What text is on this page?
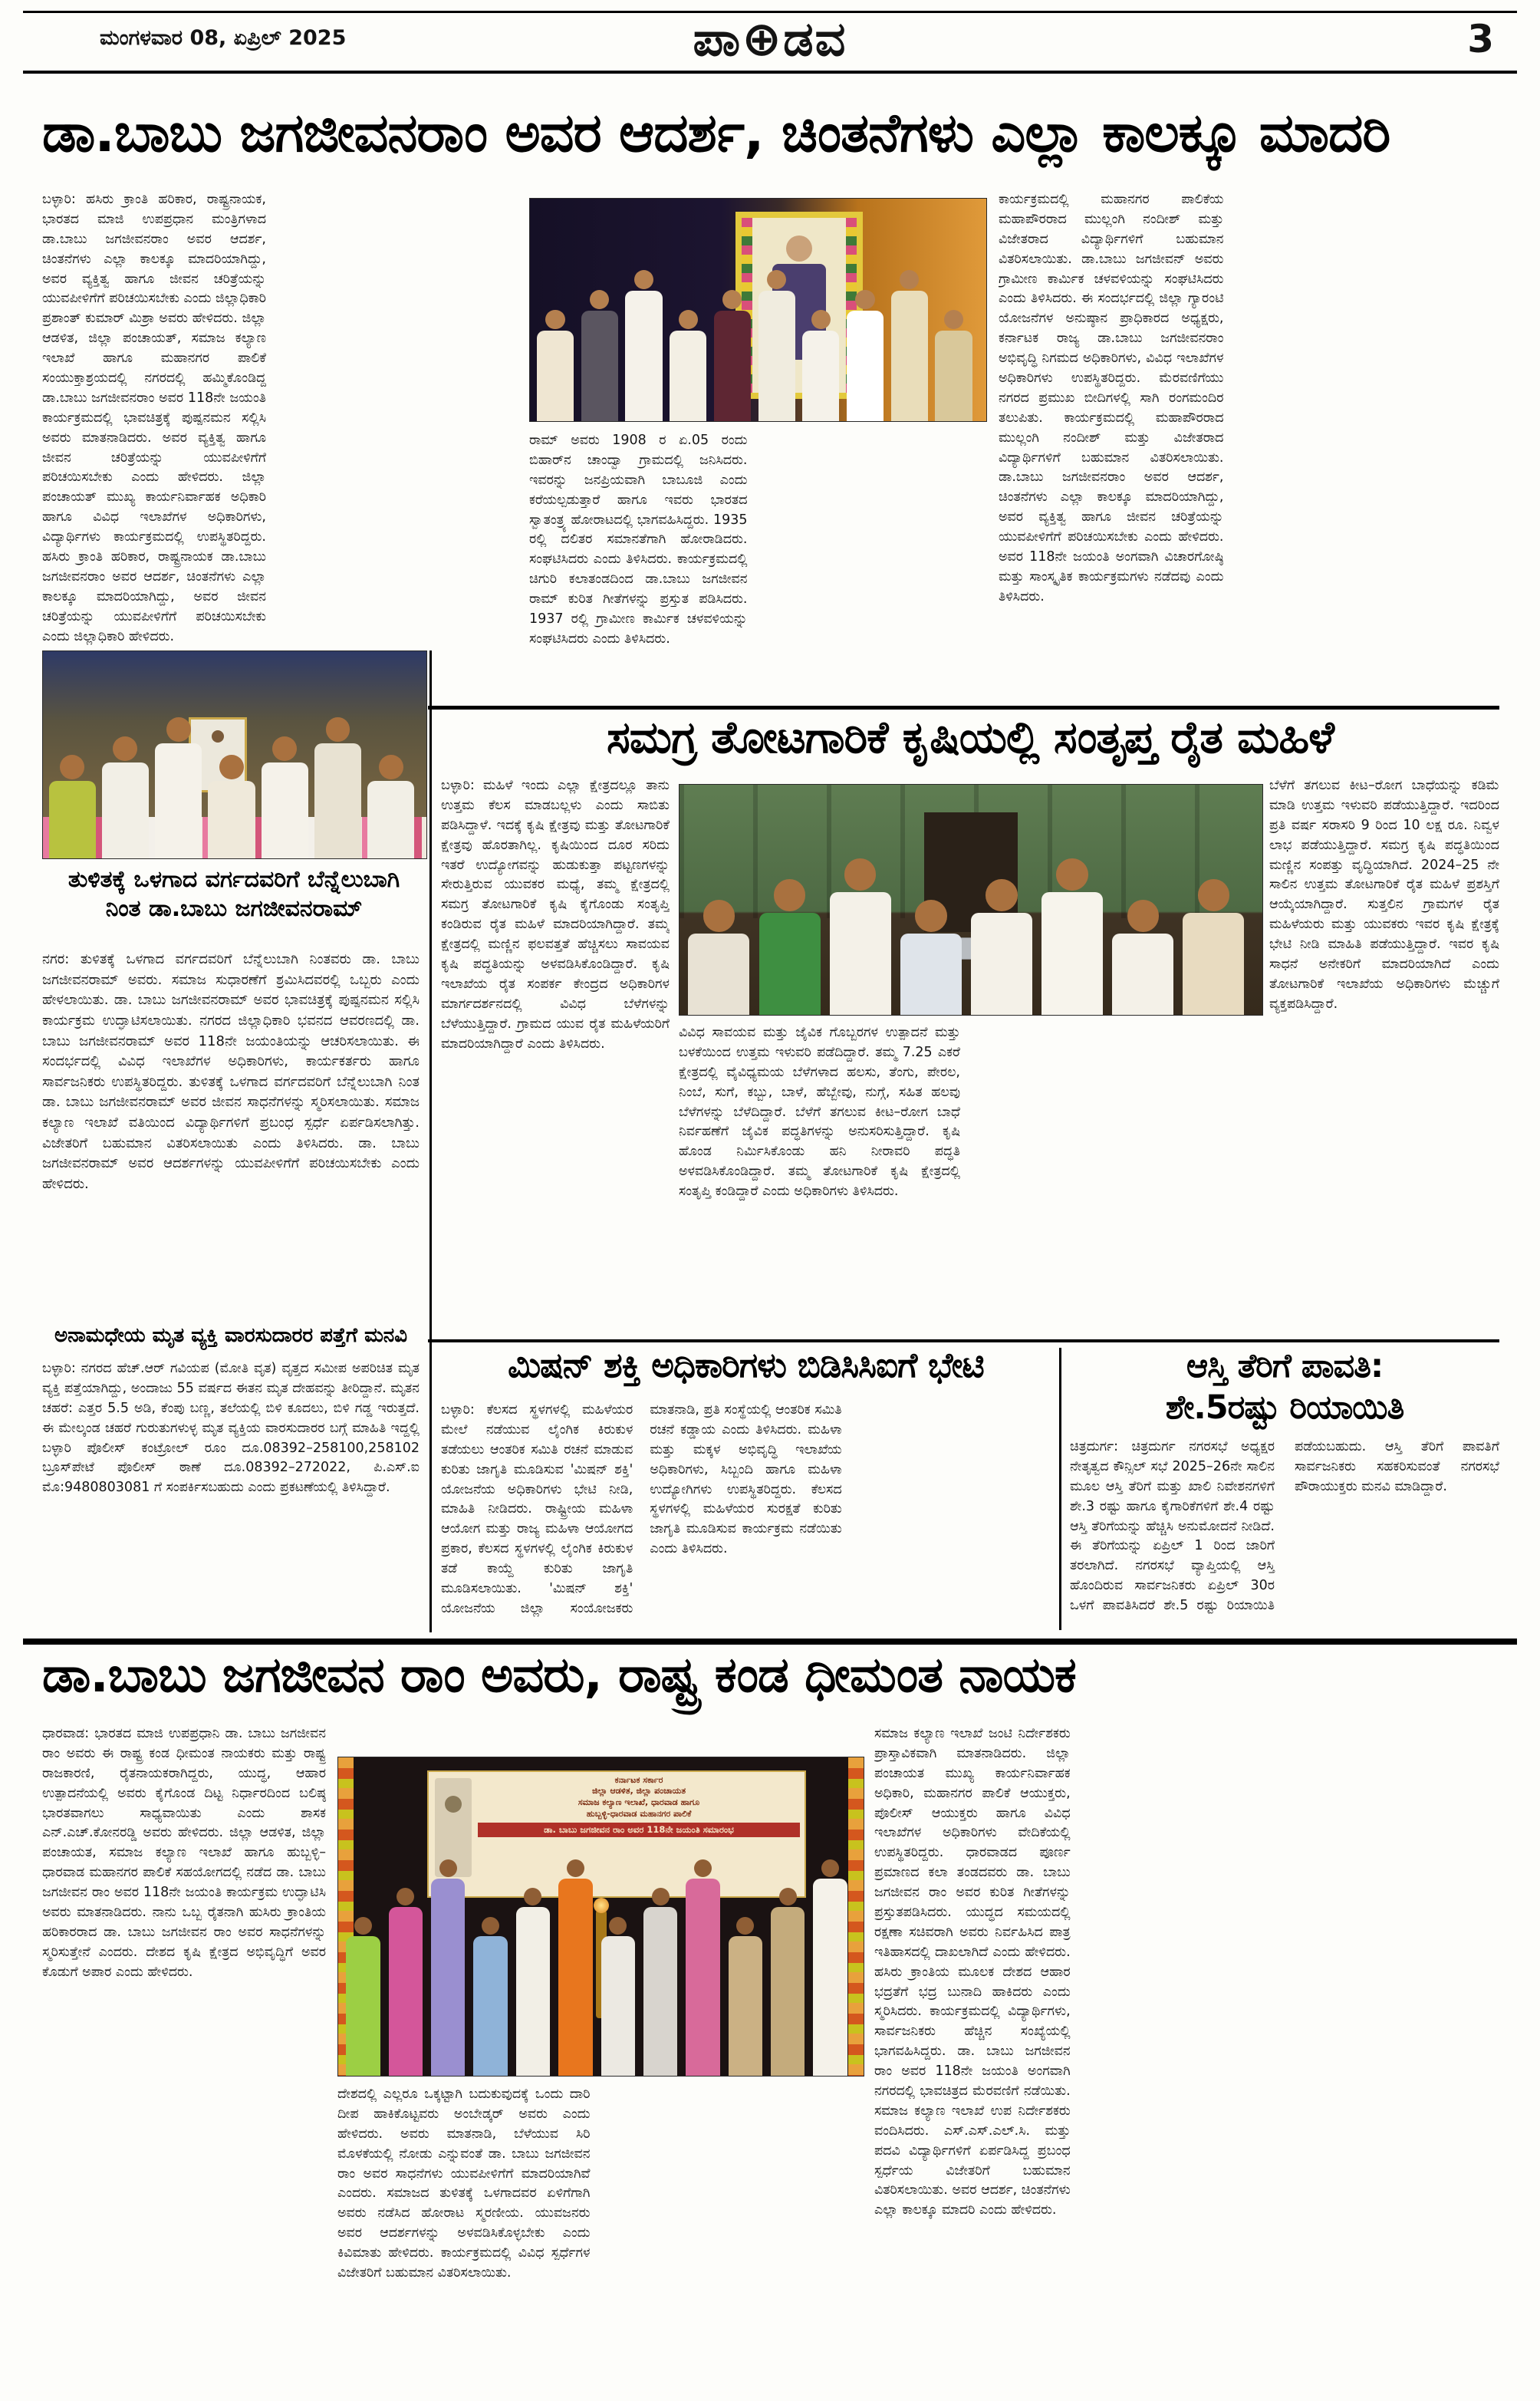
ಮಂಗಳವಾರ 08, ಏಪ್ರಿಲ್ 2025	ಪಾ⊕ಡವ	3
ಡಾ.ಬಾಬು ಜಗಜೀವನರಾಂ ಅವರ ಆದರ್ಶ, ಚಿಂತನೆಗಳು ಎಲ್ಲಾ ಕಾಲಕ್ಕೂ ಮಾದರಿ
ಬಳ್ಳಾರಿ: ಹಸಿರು ಕ್ರಾಂತಿ ಹರಿಕಾರ, ರಾಷ್ಟ್ರನಾಯಕ, ಭಾರತದ ಮಾಜಿ ಉಪಪ್ರಧಾನ ಮಂತ್ರಿಗಳಾದ ಡಾ.ಬಾಬು ಜಗಜೀವನರಾಂ ಅವರ ಆದರ್ಶ, ಚಿಂತನೆಗಳು ಎಲ್ಲಾ ಕಾಲಕ್ಕೂ ಮಾದರಿಯಾಗಿದ್ದು, ಅವರ ವ್ಯಕ್ತಿತ್ವ ಹಾಗೂ ಜೀವನ ಚರಿತ್ರೆಯನ್ನು ಯುವಪೀಳಿಗೆಗೆ ಪರಿಚಯಿಸಬೇಕು ಎಂದು ಜಿಲ್ಲಾಧಿಕಾರಿ ಪ್ರಶಾಂತ್ ಕುಮಾರ್ ಮಿಶ್ರಾ ಅವರು ಹೇಳಿದರು. ಜಿಲ್ಲಾ ಆಡಳಿತ, ಜಿಲ್ಲಾ ಪಂಚಾಯತ್, ಸಮಾಜ ಕಲ್ಯಾಣ ಇಲಾಖೆ ಹಾಗೂ ಮಹಾನಗರ ಪಾಲಿಕೆ ಸಂಯುಕ್ತಾಶ್ರಯದಲ್ಲಿ ನಗರದಲ್ಲಿ ಹಮ್ಮಿಕೊಂಡಿದ್ದ ಡಾ.ಬಾಬು ಜಗಜೀವನರಾಂ ಅವರ 118ನೇ ಜಯಂತಿ ಕಾರ್ಯಕ್ರಮದಲ್ಲಿ ಭಾವಚಿತ್ರಕ್ಕೆ ಪುಷ್ಪನಮನ ಸಲ್ಲಿಸಿ ಅವರು ಮಾತನಾಡಿದರು. ಅವರ ವ್ಯಕ್ತಿತ್ವ ಹಾಗೂ ಜೀವನ ಚರಿತ್ರೆಯನ್ನು ಯುವಪೀಳಿಗೆಗೆ ಪರಿಚಯಿಸಬೇಕು ಎಂದು ಹೇಳಿದರು. ಜಿಲ್ಲಾ ಪಂಚಾಯತ್ ಮುಖ್ಯ ಕಾರ್ಯನಿರ್ವಾಹಕ ಅಧಿಕಾರಿ ಹಾಗೂ ವಿವಿಧ ಇಲಾಖೆಗಳ ಅಧಿಕಾರಿಗಳು, ವಿದ್ಯಾರ್ಥಿಗಳು ಕಾರ್ಯಕ್ರಮದಲ್ಲಿ ಉಪಸ್ಥಿತರಿದ್ದರು. ಹಸಿರು ಕ್ರಾಂತಿ ಹರಿಕಾರ, ರಾಷ್ಟ್ರನಾಯಕ ಡಾ.ಬಾಬು ಜಗಜೀವನರಾಂ ಅವರ ಆದರ್ಶ, ಚಿಂತನೆಗಳು ಎಲ್ಲಾ ಕಾಲಕ್ಕೂ ಮಾದರಿಯಾಗಿದ್ದು, ಅವರ ಜೀವನ ಚರಿತ್ರೆಯನ್ನು ಯುವಪೀಳಿಗೆಗೆ ಪರಿಚಯಿಸಬೇಕು ಎಂದು ಜಿಲ್ಲಾಧಿಕಾರಿ ಹೇಳಿದರು.
ರಾಮ್ ಅವರು 1908 ರ ಏ.05 ರಂದು ಬಿಹಾರ್‌ನ ಚಾಂದ್ವಾ ಗ್ರಾಮದಲ್ಲಿ ಜನಿಸಿದರು. ಇವರನ್ನು ಜನಪ್ರಿಯವಾಗಿ ಬಾಬೂಜಿ ಎಂದು ಕರೆಯಲ್ಪಡುತ್ತಾರೆ ಹಾಗೂ ಇವರು ಭಾರತದ ಸ್ವಾತಂತ್ರ್ಯ ಹೋರಾಟದಲ್ಲಿ ಭಾಗವಹಿಸಿದ್ದರು. 1935 ರಲ್ಲಿ ದಲಿತರ ಸಮಾನತೆಗಾಗಿ ಹೋರಾಡಿದರು. ಸಂಘಟಿಸಿದರು ಎಂದು ತಿಳಿಸಿದರು. ಕಾರ್ಯಕ್ರಮದಲ್ಲಿ ಚಿಗುರಿ ಕಲಾತಂಡದಿಂದ ಡಾ.ಬಾಬು ಜಗಜೀವನ ರಾಮ್ ಕುರಿತ ಗೀತೆಗಳನ್ನು ಪ್ರಸ್ತುತ ಪಡಿಸಿದರು. 1937 ರಲ್ಲಿ ಗ್ರಾಮೀಣ ಕಾರ್ಮಿಕ ಚಳವಳಿಯನ್ನು ಸಂಘಟಿಸಿದರು ಎಂದು ತಿಳಿಸಿದರು.
ಕಾರ್ಯಕ್ರಮದಲ್ಲಿ ಮಹಾನಗರ ಪಾಲಿಕೆಯ ಮಹಾಪೌರರಾದ ಮುಲ್ಲಂಗಿ ನಂದೀಶ್ ಮತ್ತು ವಿಜೇತರಾದ ವಿದ್ಯಾರ್ಥಿಗಳಿಗೆ ಬಹುಮಾನ ವಿತರಿಸಲಾಯಿತು. ಡಾ.ಬಾಬು ಜಗಜೀವನ್ ಅವರು ಗ್ರಾಮೀಣ ಕಾರ್ಮಿಕ ಚಳವಳಿಯನ್ನು ಸಂಘಟಿಸಿದರು ಎಂದು ತಿಳಿಸಿದರು. ಈ ಸಂದರ್ಭದಲ್ಲಿ ಜಿಲ್ಲಾ ಗ್ಯಾರಂಟಿ ಯೋಜನೆಗಳ ಅನುಷ್ಠಾನ ಪ್ರಾಧಿಕಾರದ ಅಧ್ಯಕ್ಷರು, ಕರ್ನಾಟಕ ರಾಜ್ಯ ಡಾ.ಬಾಬು ಜಗಜೀವನರಾಂ ಅಭಿವೃದ್ಧಿ ನಿಗಮದ ಅಧಿಕಾರಿಗಳು, ವಿವಿಧ ಇಲಾಖೆಗಳ ಅಧಿಕಾರಿಗಳು ಉಪಸ್ಥಿತರಿದ್ದರು. ಮೆರವಣಿಗೆಯು ನಗರದ ಪ್ರಮುಖ ಬೀದಿಗಳಲ್ಲಿ ಸಾಗಿ ರಂಗಮಂದಿರ ತಲುಪಿತು. ಕಾರ್ಯಕ್ರಮದಲ್ಲಿ ಮಹಾಪೌರರಾದ ಮುಲ್ಲಂಗಿ ನಂದೀಶ್ ಮತ್ತು ವಿಜೇತರಾದ ವಿದ್ಯಾರ್ಥಿಗಳಿಗೆ ಬಹುಮಾನ ವಿತರಿಸಲಾಯಿತು. ಡಾ.ಬಾಬು ಜಗಜೀವನರಾಂ ಅವರ ಆದರ್ಶ, ಚಿಂತನೆಗಳು ಎಲ್ಲಾ ಕಾಲಕ್ಕೂ ಮಾದರಿಯಾಗಿದ್ದು, ಅವರ ವ್ಯಕ್ತಿತ್ವ ಹಾಗೂ ಜೀವನ ಚರಿತ್ರೆಯನ್ನು ಯುವಪೀಳಿಗೆಗೆ ಪರಿಚಯಿಸಬೇಕು ಎಂದು ಹೇಳಿದರು. ಅವರ 118ನೇ ಜಯಂತಿ ಅಂಗವಾಗಿ ವಿಚಾರಗೋಷ್ಠಿ ಮತ್ತು ಸಾಂಸ್ಕೃತಿಕ ಕಾರ್ಯಕ್ರಮಗಳು ನಡೆದವು ಎಂದು ತಿಳಿಸಿದರು.
ತುಳಿತಕ್ಕೆ ಒಳಗಾದ ವರ್ಗದವರಿಗೆ ಬೆನ್ನೆಲುಬಾಗಿ
ನಿಂತ ಡಾ.ಬಾಬು ಜಗಜೀವನರಾಮ್
ನಗರ: ತುಳಿತಕ್ಕೆ ಒಳಗಾದ ವರ್ಗದವರಿಗೆ ಬೆನ್ನೆಲುಬಾಗಿ ನಿಂತವರು ಡಾ. ಬಾಬು ಜಗಜೀವನರಾಮ್ ಅವರು. ಸಮಾಜ ಸುಧಾರಣೆಗೆ ಶ್ರಮಿಸಿದವರಲ್ಲಿ ಒಬ್ಬರು ಎಂದು ಹೇಳಲಾಯಿತು. ಡಾ. ಬಾಬು ಜಗಜೀವನರಾಮ್ ಅವರ ಭಾವಚಿತ್ರಕ್ಕೆ ಪುಷ್ಪನಮನ ಸಲ್ಲಿಸಿ ಕಾರ್ಯಕ್ರಮ ಉದ್ಘಾಟಿಸಲಾಯಿತು. ನಗರದ ಜಿಲ್ಲಾಧಿಕಾರಿ ಭವನದ ಆವರಣದಲ್ಲಿ ಡಾ. ಬಾಬು ಜಗಜೀವನರಾಮ್ ಅವರ 118ನೇ ಜಯಂತಿಯನ್ನು ಆಚರಿಸಲಾಯಿತು. ಈ ಸಂದರ್ಭದಲ್ಲಿ ವಿವಿಧ ಇಲಾಖೆಗಳ ಅಧಿಕಾರಿಗಳು, ಕಾರ್ಯಕರ್ತರು ಹಾಗೂ ಸಾರ್ವಜನಿಕರು ಉಪಸ್ಥಿತರಿದ್ದರು. ತುಳಿತಕ್ಕೆ ಒಳಗಾದ ವರ್ಗದವರಿಗೆ ಬೆನ್ನೆಲುಬಾಗಿ ನಿಂತ ಡಾ. ಬಾಬು ಜಗಜೀವನರಾಮ್ ಅವರ ಜೀವನ ಸಾಧನೆಗಳನ್ನು ಸ್ಮರಿಸಲಾಯಿತು. ಸಮಾಜ ಕಲ್ಯಾಣ ಇಲಾಖೆ ವತಿಯಿಂದ ವಿದ್ಯಾರ್ಥಿಗಳಿಗೆ ಪ್ರಬಂಧ ಸ್ಪರ್ಧೆ ಏರ್ಪಡಿಸಲಾಗಿತ್ತು. ವಿಜೇತರಿಗೆ ಬಹುಮಾನ ವಿತರಿಸಲಾಯಿತು ಎಂದು ತಿಳಿಸಿದರು. ಡಾ. ಬಾಬು ಜಗಜೀವನರಾಮ್ ಅವರ ಆದರ್ಶಗಳನ್ನು ಯುವಪೀಳಿಗೆಗೆ ಪರಿಚಯಿಸಬೇಕು ಎಂದು ಹೇಳಿದರು.
ಅನಾಮಧೇಯ ಮೃತ ವ್ಯಕ್ತಿ ವಾರಸುದಾರರ ಪತ್ತೆಗೆ ಮನವಿ
ಬಳ್ಳಾರಿ: ನಗರದ ಹೆಚ್.ಆರ್ ಗವಿಯಪ (ಮೋತಿ ವೃತ) ವೃತ್ತದ ಸಮೀಪ ಅಪರಿಚಿತ ಮೃತ ವ್ಯಕ್ತಿ ಪತ್ತೆಯಾಗಿದ್ದು, ಅಂದಾಜು 55 ವರ್ಷದ ಈತನ ಮೃತ ದೇಹವನ್ನು ತೀರಿದ್ದಾನೆ. ಮೃತನ ಚಹರೆ: ಎತ್ತರ 5.5 ಅಡಿ, ಕೆಂಪು ಬಣ್ಣ, ತಲೆಯಲ್ಲಿ ಬಿಳಿ ಕೂದಲು, ಬಿಳಿ ಗಡ್ಡ ಇರುತ್ತದೆ. ಈ ಮೇಲ್ಕಂಡ ಚಹರೆ ಗುರುತುಗಳುಳ್ಳ ಮೃತ ವ್ಯಕ್ತಿಯ ವಾರಸುದಾರರ ಬಗ್ಗೆ ಮಾಹಿತಿ ಇದ್ದಲ್ಲಿ ಬಳ್ಳಾರಿ ಪೊಲೀಸ್ ಕಂಟ್ರೋಲ್ ರೂಂ ದೂ.08392–258100,258102 ಬ್ರೂಸ್‌ಪೇಟೆ ಪೊಲೀಸ್ ಠಾಣೆ ದೂ.08392–272022, ಪಿ.ಎಸ್.ಐ ಮೊ:9480803081 ಗೆ ಸಂಪರ್ಕಿಸಬಹುದು ಎಂದು ಪ್ರಕಟಣೆಯಲ್ಲಿ ತಿಳಿಸಿದ್ದಾರೆ.
ಸಮಗ್ರ ತೋಟಗಾರಿಕೆ ಕೃಷಿಯಲ್ಲಿ ಸಂತೃಪ್ತ ರೈತ ಮಹಿಳೆ
ಬಳ್ಳಾರಿ: ಮಹಿಳೆ ಇಂದು ಎಲ್ಲಾ ಕ್ಷೇತ್ರದಲ್ಲೂ ತಾನು ಉತ್ತಮ ಕೆಲಸ ಮಾಡಬಲ್ಲಳು ಎಂದು ಸಾಬಿತು ಪಡಿಸಿದ್ದಾಳೆ. ಇದಕ್ಕೆ ಕೃಷಿ ಕ್ಷೇತ್ರವು ಮತ್ತು ತೋಟಗಾರಿಕೆ ಕ್ಷೇತ್ರವು ಹೊರತಾಗಿಲ್ಲ. ಕೃಷಿಯಿಂದ ದೂರ ಸರಿದು ಇತರೆ ಉದ್ಯೋಗವನ್ನು ಹುಡುಕುತ್ತಾ ಪಟ್ಟಣಗಳನ್ನು ಸೇರುತ್ತಿರುವ ಯುವಕರ ಮಧ್ಯೆ, ತಮ್ಮ ಕ್ಷೇತ್ರದಲ್ಲಿ ಸಮಗ್ರ ತೋಟಗಾರಿಕೆ ಕೃಷಿ ಕೈಗೊಂಡು ಸಂತೃಪ್ತಿ ಕಂಡಿರುವ ರೈತ ಮಹಿಳೆ ಮಾದರಿಯಾಗಿದ್ದಾರೆ. ತಮ್ಮ ಕ್ಷೇತ್ರದಲ್ಲಿ ಮಣ್ಣಿನ ಫಲವತ್ತತೆ ಹೆಚ್ಚಿಸಲು ಸಾವಯವ ಕೃಷಿ ಪದ್ಧತಿಯನ್ನು ಅಳವಡಿಸಿಕೊಂಡಿದ್ದಾರೆ. ಕೃಷಿ ಇಲಾಖೆಯ ರೈತ ಸಂಪರ್ಕ ಕೇಂದ್ರದ ಅಧಿಕಾರಿಗಳ ಮಾರ್ಗದರ್ಶನದಲ್ಲಿ ವಿವಿಧ ಬೆಳೆಗಳನ್ನು ಬೆಳೆಯುತ್ತಿದ್ದಾರೆ. ಗ್ರಾಮದ ಯುವ ರೈತ ಮಹಿಳೆಯರಿಗೆ ಮಾದರಿಯಾಗಿದ್ದಾರೆ ಎಂದು ತಿಳಿಸಿದರು.
ವಿವಿಧ ಸಾವಯವ ಮತ್ತು ಜೈವಿಕ ಗೊಬ್ಬರಗಳ ಉತ್ಪಾದನೆ ಮತ್ತು ಬಳಕೆಯಿಂದ ಉತ್ತಮ ಇಳುವರಿ ಪಡೆದಿದ್ದಾರೆ. ತಮ್ಮ 7.25 ಎಕರೆ ಕ್ಷೇತ್ರದಲ್ಲಿ ವೈವಿಧ್ಯಮಯ ಬೆಳೆಗಳಾದ ಹಲಸು, ತೆಂಗು, ಪೇರಲ, ನಿಂಬೆ, ಸುಗೆ, ಕಬ್ಬು, ಬಾಳೆ, ಹೆಬ್ಬೇವು, ನುಗ್ಗೆ, ಸಹಿತ ಹಲವು ಬೆಳೆಗಳನ್ನು ಬೆಳೆದಿದ್ದಾರೆ. ಬೆಳೆಗೆ ತಗಲುವ ಕೀಟ–ರೋಗ ಬಾಧೆ ನಿರ್ವಹಣೆಗೆ ಜೈವಿಕ ಪದ್ಧತಿಗಳನ್ನು ಅನುಸರಿಸುತ್ತಿದ್ದಾರೆ. ಕೃಷಿ ಹೊಂಡ ನಿರ್ಮಿಸಿಕೊಂಡು ಹನಿ ನೀರಾವರಿ ಪದ್ಧತಿ ಅಳವಡಿಸಿಕೊಂಡಿದ್ದಾರೆ. ತಮ್ಮ ತೋಟಗಾರಿಕೆ ಕೃಷಿ ಕ್ಷೇತ್ರದಲ್ಲಿ ಸಂತೃಪ್ತಿ ಕಂಡಿದ್ದಾರೆ ಎಂದು ಅಧಿಕಾರಿಗಳು ತಿಳಿಸಿದರು.
ಬೆಳೆಗೆ ತಗಲುವ ಕೀಟ–ರೋಗ ಬಾಧೆಯನ್ನು ಕಡಿಮೆ ಮಾಡಿ ಉತ್ತಮ ಇಳುವರಿ ಪಡೆಯುತ್ತಿದ್ದಾರೆ. ಇದರಿಂದ ಪ್ರತಿ ವರ್ಷ ಸರಾಸರಿ 9 ರಿಂದ 10 ಲಕ್ಷ ರೂ. ನಿವ್ವಳ ಲಾಭ ಪಡೆಯುತ್ತಿದ್ದಾರೆ. ಸಮಗ್ರ ಕೃಷಿ ಪದ್ಧತಿಯಿಂದ ಮಣ್ಣಿನ ಸಂಪತ್ತು ವೃದ್ಧಿಯಾಗಿದೆ. 2024–25 ನೇ ಸಾಲಿನ ಉತ್ತಮ ತೋಟಗಾರಿಕೆ ರೈತ ಮಹಿಳೆ ಪ್ರಶಸ್ತಿಗೆ ಆಯ್ಕೆಯಾಗಿದ್ದಾರೆ. ಸುತ್ತಲಿನ ಗ್ರಾಮಗಳ ರೈತ ಮಹಿಳೆಯರು ಮತ್ತು ಯುವಕರು ಇವರ ಕೃಷಿ ಕ್ಷೇತ್ರಕ್ಕೆ ಭೇಟಿ ನೀಡಿ ಮಾಹಿತಿ ಪಡೆಯುತ್ತಿದ್ದಾರೆ. ಇವರ ಕೃಷಿ ಸಾಧನೆ ಅನೇಕರಿಗೆ ಮಾದರಿಯಾಗಿದೆ ಎಂದು ತೋಟಗಾರಿಕೆ ಇಲಾಖೆಯ ಅಧಿಕಾರಿಗಳು ಮೆಚ್ಚುಗೆ ವ್ಯಕ್ತಪಡಿಸಿದ್ದಾರೆ.
ಮಿಷನ್ ಶಕ್ತಿ ಅಧಿಕಾರಿಗಳು ಬಿಡಿಸಿಸಿಐಗೆ ಭೇಟಿ
ಬಳ್ಳಾರಿ: ಕೆಲಸದ ಸ್ಥಳಗಳಲ್ಲಿ ಮಹಿಳೆಯರ ಮೇಲೆ ನಡೆಯುವ ಲೈಂಗಿಕ ಕಿರುಕುಳ ತಡೆಯಲು ಆಂತರಿಕ ಸಮಿತಿ ರಚನೆ ಮಾಡುವ ಕುರಿತು ಜಾಗೃತಿ ಮೂಡಿಸುವ 'ಮಿಷನ್ ಶಕ್ತಿ' ಯೋಜನೆಯ ಅಧಿಕಾರಿಗಳು ಭೇಟಿ ನೀಡಿ, ಮಾಹಿತಿ ನೀಡಿದರು. ರಾಷ್ಟ್ರೀಯ ಮಹಿಳಾ ಆಯೋಗ ಮತ್ತು ರಾಜ್ಯ ಮಹಿಳಾ ಆಯೋಗದ ಪ್ರಕಾರ, ಕೆಲಸದ ಸ್ಥಳಗಳಲ್ಲಿ ಲೈಂಗಿಕ ಕಿರುಕುಳ ತಡೆ ಕಾಯ್ದೆ ಕುರಿತು ಜಾಗೃತಿ ಮೂಡಿಸಲಾಯಿತು. 'ಮಿಷನ್ ಶಕ್ತಿ' ಯೋಜನೆಯ ಜಿಲ್ಲಾ ಸಂಯೋಜಕರು ಮಾತನಾಡಿ, ಪ್ರತಿ ಸಂಸ್ಥೆಯಲ್ಲಿ ಆಂತರಿಕ ಸಮಿತಿ ರಚನೆ ಕಡ್ಡಾಯ ಎಂದು ತಿಳಿಸಿದರು. ಮಹಿಳಾ ಮತ್ತು ಮಕ್ಕಳ ಅಭಿವೃದ್ಧಿ ಇಲಾಖೆಯ ಅಧಿಕಾರಿಗಳು, ಸಿಬ್ಬಂದಿ ಹಾಗೂ ಮಹಿಳಾ ಉದ್ಯೋಗಿಗಳು ಉಪಸ್ಥಿತರಿದ್ದರು. ಕೆಲಸದ ಸ್ಥಳಗಳಲ್ಲಿ ಮಹಿಳೆಯರ ಸುರಕ್ಷತೆ ಕುರಿತು ಜಾಗೃತಿ ಮೂಡಿಸುವ ಕಾರ್ಯಕ್ರಮ ನಡೆಯಿತು ಎಂದು ತಿಳಿಸಿದರು.
ಆಸ್ತಿ ತೆರಿಗೆ ಪಾವತಿ:
ಶೇ.5ರಷ್ಟು ರಿಯಾಯಿತಿ
ಚಿತ್ರದುರ್ಗ: ಚಿತ್ರದುರ್ಗ ನಗರಸಭೆ ಅಧ್ಯಕ್ಷರ ನೇತೃತ್ವದ ಕೌನ್ಸಿಲ್ ಸಭೆ 2025–26ನೇ ಸಾಲಿನ ಮೂಲ ಆಸ್ತಿ ತೆರಿಗೆ ಮತ್ತು ಖಾಲಿ ನಿವೇಶನಗಳಿಗೆ ಶೇ.3 ರಷ್ಟು ಹಾಗೂ ಕೈಗಾರಿಕೆಗಳಿಗೆ ಶೇ.4 ರಷ್ಟು ಆಸ್ತಿ ತೆರಿಗೆಯನ್ನು ಹೆಚ್ಚಿಸಿ ಅನುಮೋದನೆ ನೀಡಿದೆ. ಈ ತೆರಿಗೆಯನ್ನು ಏಪ್ರಿಲ್ 1 ರಿಂದ ಜಾರಿಗೆ ತರಲಾಗಿದೆ. ನಗರಸಭೆ ವ್ಯಾಪ್ತಿಯಲ್ಲಿ ಆಸ್ತಿ ಹೊಂದಿರುವ ಸಾರ್ವಜನಿಕರು ಏಪ್ರಿಲ್ 30ರ ಒಳಗೆ ಪಾವತಿಸಿದರೆ ಶೇ.5 ರಷ್ಟು ರಿಯಾಯಿತಿ ಪಡೆಯಬಹುದು. ಆಸ್ತಿ ತೆರಿಗೆ ಪಾವತಿಗೆ ಸಾರ್ವಜನಿಕರು ಸಹಕರಿಸುವಂತೆ ನಗರಸಭೆ ಪೌರಾಯುಕ್ತರು ಮನವಿ ಮಾಡಿದ್ದಾರೆ.
ಡಾ.ಬಾಬು ಜಗಜೀವನ ರಾಂ ಅವರು, ರಾಷ್ಟ್ರ ಕಂಡ ಧೀಮಂತ ನಾಯಕ
ಧಾರವಾಡ: ಭಾರತದ ಮಾಜಿ ಉಪಪ್ರಧಾನಿ ಡಾ. ಬಾಬು ಜಗಜೀವನ ರಾಂ ಅವರು ಈ ರಾಷ್ಟ್ರ ಕಂಡ ಧೀಮಂತ ನಾಯಕರು ಮತ್ತು ರಾಷ್ಟ್ರ ರಾಜಕಾರಣಿ, ರೈತನಾಯಕರಾಗಿದ್ದರು, ಯುದ್ಧ, ಆಹಾರ ಉತ್ಪಾದನೆಯಲ್ಲಿ ಅವರು ಕೈಗೊಂಡ ದಿಟ್ಟ ನಿರ್ಧಾರದಿಂದ ಬಲಿಷ್ಠ ಭಾರತವಾಗಲು ಸಾಧ್ಯವಾಯಿತು ಎಂದು ಶಾಸಕ ಎನ್.ಎಚ್.ಕೋನರಡ್ಡಿ ಅವರು ಹೇಳಿದರು. ಜಿಲ್ಲಾ ಆಡಳಿತ, ಜಿಲ್ಲಾ ಪಂಚಾಯತ, ಸಮಾಜ ಕಲ್ಯಾಣ ಇಲಾಖೆ ಹಾಗೂ ಹುಬ್ಬಳ್ಳಿ–ಧಾರವಾಡ ಮಹಾನಗರ ಪಾಲಿಕೆ ಸಹಯೋಗದಲ್ಲಿ ನಡೆದ ಡಾ. ಬಾಬು ಜಗಜೀವನ ರಾಂ ಅವರ 118ನೇ ಜಯಂತಿ ಕಾರ್ಯಕ್ರಮ ಉದ್ಘಾಟಿಸಿ ಅವರು ಮಾತನಾಡಿದರು. ನಾನು ಒಬ್ಬ ರೈತನಾಗಿ ಹುಸಿರು ಕ್ರಾಂತಿಯ ಹರಿಕಾರರಾದ ಡಾ. ಬಾಬು ಜಗಜೀವನ ರಾಂ ಅವರ ಸಾಧನೆಗಳನ್ನು ಸ್ಮರಿಸುತ್ತೇನೆ ಎಂದರು. ದೇಶದ ಕೃಷಿ ಕ್ಷೇತ್ರದ ಅಭಿವೃದ್ಧಿಗೆ ಅವರ ಕೊಡುಗೆ ಅಪಾರ ಎಂದು ಹೇಳಿದರು.
ಕರ್ನಾಟಕ ಸರ್ಕಾರ
ಜಿಲ್ಲಾ ಆಡಳಿತ, ಜಿಲ್ಲಾ ಪಂಚಾಯತ
ಸಮಾಜ ಕಲ್ಯಾಣ ಇಲಾಖೆ, ಧಾರವಾಡ ಹಾಗೂ
ಹುಬ್ಬಳ್ಳಿ-ಧಾರವಾಡ ಮಹಾನಗರ ಪಾಲಿಕೆ
ಡಾ. ಬಾಬು ಜಗಜೀವನ ರಾಂ ಅವರ 118ನೇ ಜಯಂತಿ ಸಮಾರಂಭ
ದೇಶದಲ್ಲಿ ಎಲ್ಲರೂ ಒಕ್ಕಟ್ಟಾಗಿ ಬದುಕುವುದಕ್ಕೆ ಒಂದು ದಾರಿ ದೀಪ ಹಾಕಿಕೊಟ್ಟವರು ಅಂಬೇಡ್ಕರ್ ಅವರು ಎಂದು ಹೇಳಿದರು. ಅವರು ಮಾತನಾಡಿ, ಬೆಳೆಯುವ ಸಿರಿ ಮೊಳಕೆಯಲ್ಲಿ ನೋಡು ಎನ್ನುವಂತೆ ಡಾ. ಬಾಬು ಜಗಜೀವನ ರಾಂ ಅವರ ಸಾಧನೆಗಳು ಯುವಪೀಳಿಗೆಗೆ ಮಾದರಿಯಾಗಿವೆ ಎಂದರು. ಸಮಾಜದ ತುಳಿತಕ್ಕೆ ಒಳಗಾದವರ ಏಳಿಗೆಗಾಗಿ ಅವರು ನಡೆಸಿದ ಹೋರಾಟ ಸ್ಮರಣೀಯ. ಯುವಜನರು ಅವರ ಆದರ್ಶಗಳನ್ನು ಅಳವಡಿಸಿಕೊಳ್ಳಬೇಕು ಎಂದು ಕಿವಿಮಾತು ಹೇಳಿದರು. ಕಾರ್ಯಕ್ರಮದಲ್ಲಿ ವಿವಿಧ ಸ್ಪರ್ಧೆಗಳ ವಿಜೇತರಿಗೆ ಬಹುಮಾನ ವಿತರಿಸಲಾಯಿತು.
ಸಮಾಜ ಕಲ್ಯಾಣ ಇಲಾಖೆ ಜಂಟಿ ನಿರ್ದೇಶಕರು ಪ್ರಾಸ್ತಾವಿಕವಾಗಿ ಮಾತನಾಡಿದರು. ಜಿಲ್ಲಾ ಪಂಚಾಯತ ಮುಖ್ಯ ಕಾರ್ಯನಿರ್ವಾಹಕ ಅಧಿಕಾರಿ, ಮಹಾನಗರ ಪಾಲಿಕೆ ಆಯುಕ್ತರು, ಪೊಲೀಸ್ ಆಯುಕ್ತರು ಹಾಗೂ ವಿವಿಧ ಇಲಾಖೆಗಳ ಅಧಿಕಾರಿಗಳು ವೇದಿಕೆಯಲ್ಲಿ ಉಪಸ್ಥಿತರಿದ್ದರು. ಧಾರವಾಡದ ಪೂರ್ಣ ಪ್ರಮಾಣದ ಕಲಾ ತಂಡದವರು ಡಾ. ಬಾಬು ಜಗಜೀವನ ರಾಂ ಅವರ ಕುರಿತ ಗೀತೆಗಳನ್ನು ಪ್ರಸ್ತುತಪಡಿಸಿದರು. ಯುದ್ಧದ ಸಮಯದಲ್ಲಿ ರಕ್ಷಣಾ ಸಚಿವರಾಗಿ ಅವರು ನಿರ್ವಹಿಸಿದ ಪಾತ್ರ ಇತಿಹಾಸದಲ್ಲಿ ದಾಖಲಾಗಿದೆ ಎಂದು ಹೇಳಿದರು. ಹಸಿರು ಕ್ರಾಂತಿಯ ಮೂಲಕ ದೇಶದ ಆಹಾರ ಭದ್ರತೆಗೆ ಭದ್ರ ಬುನಾದಿ ಹಾಕಿದರು ಎಂದು ಸ್ಮರಿಸಿದರು. ಕಾರ್ಯಕ್ರಮದಲ್ಲಿ ವಿದ್ಯಾರ್ಥಿಗಳು, ಸಾರ್ವಜನಿಕರು ಹೆಚ್ಚಿನ ಸಂಖ್ಯೆಯಲ್ಲಿ ಭಾಗವಹಿಸಿದ್ದರು. ಡಾ. ಬಾಬು ಜಗಜೀವನ ರಾಂ ಅವರ 118ನೇ ಜಯಂತಿ ಅಂಗವಾಗಿ ನಗರದಲ್ಲಿ ಭಾವಚಿತ್ರದ ಮೆರವಣಿಗೆ ನಡೆಯಿತು. ಸಮಾಜ ಕಲ್ಯಾಣ ಇಲಾಖೆ ಉಪ ನಿರ್ದೇಶಕರು ವಂದಿಸಿದರು. ಎಸ್.ಎಸ್.ಎಲ್.ಸಿ. ಮತ್ತು ಪದವಿ ವಿದ್ಯಾರ್ಥಿಗಳಿಗೆ ಏರ್ಪಡಿಸಿದ್ದ ಪ್ರಬಂಧ ಸ್ಪರ್ಧೆಯ ವಿಜೇತರಿಗೆ ಬಹುಮಾನ ವಿತರಿಸಲಾಯಿತು. ಅವರ ಆದರ್ಶ, ಚಿಂತನೆಗಳು ಎಲ್ಲಾ ಕಾಲಕ್ಕೂ ಮಾದರಿ ಎಂದು ಹೇಳಿದರು.
